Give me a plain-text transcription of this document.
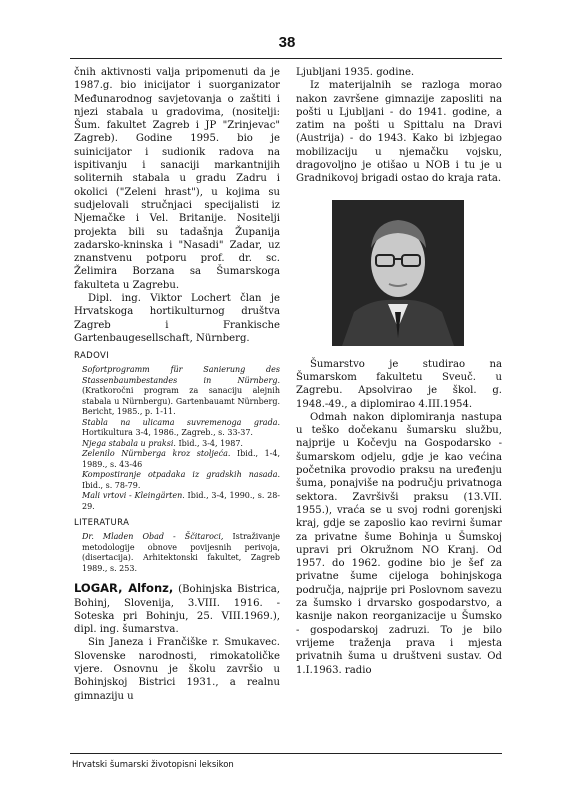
38

čnih aktivnosti valja pripomenuti da je 1987.g. bio inicijator i suorganizator Međunarodnog savjetovanja o zaštiti i njezi stabala u gradovima, (nositelji: Šum. fakultet Zagreb i JP "Zrinjevac" Zagreb). Godine 1995. bio je suinicijator i sudionik radova na ispitivanju i sanaciji markantnijih soliternih stabala u gradu Zadru i okolici ("Zeleni hrast"), u kojima su sudjelovali stručnjaci specijalisti iz Njemačke i Vel. Britanije. Nositelji projekta bili su tadašnja Županija zadarsko-kninska i "Nasadi" Zadar, uz znanstvenu potporu prof. dr. sc. Želimira Borzana sa Šumarskoga fakulteta u Zagrebu.

Dipl. ing. Viktor Lochert član je Hrvatskoga hortikulturnog društva Zagreb i Frankische Gartenbaugesellschaft, Nürnberg.

RADOVI

Sofortprogramm für Sanierung des Stassenbaumbestandes in Nürnberg. (Kratkoročni program za sanaciju alejnih stabala u Nürnbergu). Gartenbauamt Nürnberg. Bericht, 1985., p. 1-11.

Stabla na ulicama suvremenoga grada. Hortikultura 3-4, 1986., Zagreb., s. 33-37.

Njega stabala u praksi. Ibid., 3-4, 1987.

Zelenilo Nürnberga kroz stoljeća. Ibid., 1-4, 1989., s. 43-46

Kompostiranje otpadaka iz gradskih nasada. Ibid., s. 78-79.

Mali vrtovi - Kleingärten. Ibid., 3-4, 1990., s. 28-29.

LITERATURA

Dr. Mladen Obad - Ščitaroci, Istraživanje metodologije obnove povijesnih perivoja, (disertacija). Arhitektonski fakultet, Zagreb 1989., s. 253.

LOGAR, Alfonz, (Bohinjska Bistrica, Bohinj, Slovenija, 3.VIII. 1916. - Soteska pri Bohinju, 25. VIII.1969.), dipl. ing. šumarstva.

Sin Janeza i Frančiške r. Smukavec. Slovenske narodnosti, rimokatoličke vjere. Osnovnu je školu završio u Bohinjskoj Bistrici 1931., a realnu gimnaziju u

Ljubljani 1935. godine.

Iz materijalnih se razloga morao nakon završene gimnazije zaposliti na pošti u Ljubljani - do 1941. godine, a zatim na pošti u Spittalu na Dravi (Austrija) - do 1943. Kako bi izbjegao mobilizaciju u njemačku vojsku, dragovoljno je otišao u NOB i tu je u Gradnikovoj brigadi ostao do kraja rata.

Šumarstvo je studirao na Šumarskom fakultetu Sveuč. u Zagrebu. Apsolvirao je škol. g. 1948.-49., a diplomirao 4.III.1954.

Odmah nakon diplomiranja nastupa u teško dočekanu šumarsku službu, najprije u Kočevju na Gospodarsko - šumarskom odjelu, gdje je kao većina početnika provodio praksu na uređenju šuma, ponajviše na području privatnoga sektora. Završivši praksu (13.VII. 1955.), vraća se u svoj rodni gorenjski kraj, gdje se zaposlio kao revirni šumar za privatne šume Bohinja u Šumskoj upravi pri Okružnom NO Kranj. Od 1957. do 1962. godine bio je šef za privatne šume cijeloga bohinjskoga područja, najprije pri Poslovnom savezu za šumsko i drvarsko gospodarstvo, a kasnije nakon reorganizacije u Šumsko - gospodarskoj zadruzi. To je bilo vrijeme traženja prava i mjesta privatnih šuma u društveni sustav. Od 1.I.1963. radio

Hrvatski šumarski životopisni leksikon
